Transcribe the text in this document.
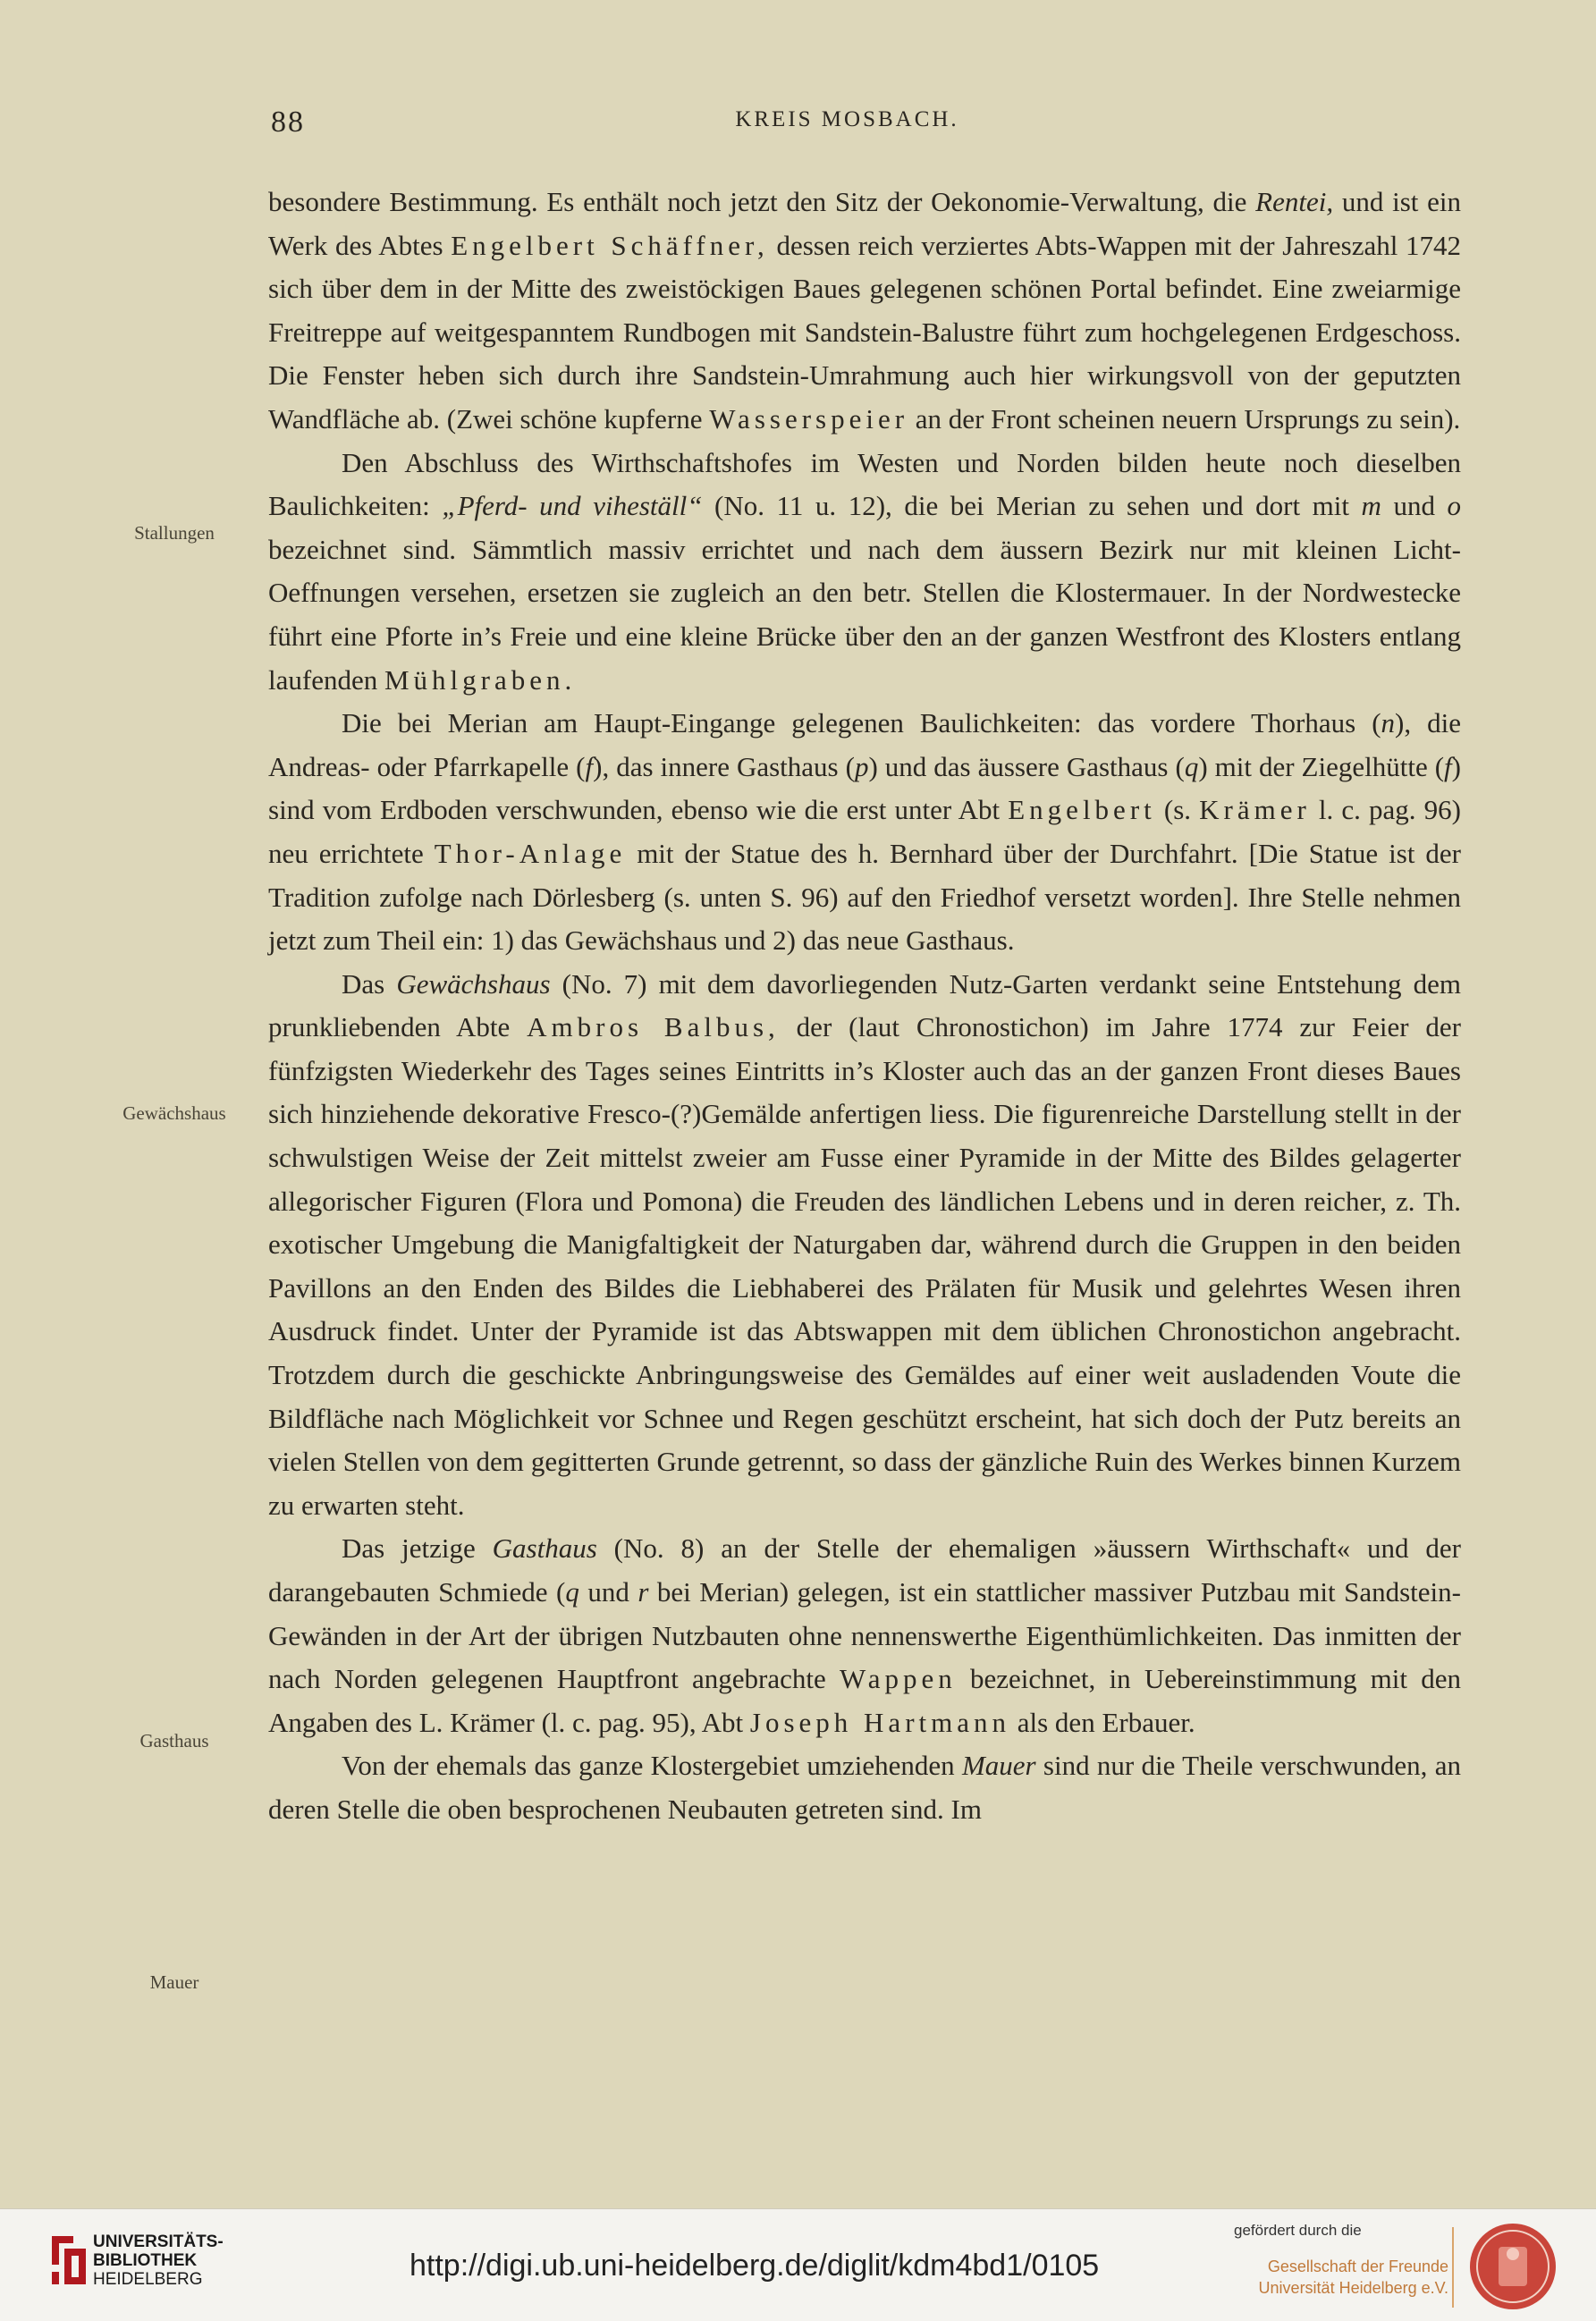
88	KREIS MOSBACH.
Stallungen
Gewächshaus
Gasthaus
Mauer

besondere Bestimmung. Es enthält noch jetzt den Sitz der Oekonomie-Verwaltung, die Rentei, und ist ein Werk des Abtes Engelbert Schäffner, dessen reich verziertes Abts-Wappen mit der Jahreszahl 1742 sich über dem in der Mitte des zweistöckigen Baues gelegenen schönen Portal befindet. Eine zweiarmige Freitreppe auf weitgespanntem Rundbogen mit Sandstein-Balustre führt zum hochgelegenen Erdgeschoss. Die Fenster heben sich durch ihre Sandstein-Umrahmung auch hier wirkungsvoll von der geputzten Wandfläche ab. (Zwei schöne kupferne Wasserspeier an der Front scheinen neuern Ursprungs zu sein).

Den Abschluss des Wirthschaftshofes im Westen und Norden bilden heute noch dieselben Baulichkeiten: „Pferd- und viheställ“ (No. 11 u. 12), die bei Merian zu sehen und dort mit m und o bezeichnet sind. Sämmtlich massiv errichtet und nach dem äussern Bezirk nur mit kleinen Licht-Oeffnungen versehen, ersetzen sie zugleich an den betr. Stellen die Klostermauer. In der Nordwestecke führt eine Pforte in’s Freie und eine kleine Brücke über den an der ganzen Westfront des Klosters entlang laufenden Mühlgraben.

Die bei Merian am Haupt-Eingange gelegenen Baulichkeiten: das vordere Thorhaus (n), die Andreas- oder Pfarrkapelle (f), das innere Gasthaus (p) und das äussere Gasthaus (q) mit der Ziegelhütte (f) sind vom Erdboden verschwunden, ebenso wie die erst unter Abt Engelbert (s. Krämer l. c. pag. 96) neu errichtete Thor-Anlage mit der Statue des h. Bernhard über der Durchfahrt. [Die Statue ist der Tradition zufolge nach Dörlesberg (s. unten S. 96) auf den Friedhof versetzt worden]. Ihre Stelle nehmen jetzt zum Theil ein: 1) das Gewächshaus und 2) das neue Gasthaus.

Das Gewächshaus (No. 7) mit dem davorliegenden Nutz-Garten verdankt seine Entstehung dem prunkliebenden Abte Ambros Balbus, der (laut Chronostichon) im Jahre 1774 zur Feier der fünfzigsten Wiederkehr des Tages seines Eintritts in’s Kloster auch das an der ganzen Front dieses Baues sich hinziehende dekorative Fresco-(?)Gemälde anfertigen liess. Die figurenreiche Darstellung stellt in der schwulstigen Weise der Zeit mittelst zweier am Fusse einer Pyramide in der Mitte des Bildes gelagerter allegorischer Figuren (Flora und Pomona) die Freuden des ländlichen Lebens und in deren reicher, z. Th. exotischer Umgebung die Manigfaltigkeit der Naturgaben dar, während durch die Gruppen in den beiden Pavillons an den Enden des Bildes die Liebhaberei des Prälaten für Musik und gelehrtes Wesen ihren Ausdruck findet. Unter der Pyramide ist das Abtswappen mit dem üblichen Chronostichon angebracht. Trotzdem durch die geschickte Anbringungsweise des Gemäldes auf einer weit ausladenden Voute die Bildfläche nach Möglichkeit vor Schnee und Regen geschützt erscheint, hat sich doch der Putz bereits an vielen Stellen von dem gegitterten Grunde getrennt, so dass der gänzliche Ruin des Werkes binnen Kurzem zu erwarten steht.

Das jetzige Gasthaus (No. 8) an der Stelle der ehemaligen »äussern Wirthschaft« und der darangebauten Schmiede (q und r bei Merian) gelegen, ist ein stattlicher massiver Putzbau mit Sandstein-Gewänden in der Art der übrigen Nutzbauten ohne nennenswerthe Eigenthümlichkeiten. Das inmitten der nach Norden gelegenen Hauptfront angebrachte Wappen bezeichnet, in Uebereinstimmung mit den Angaben des L. Krämer (l. c. pag. 95), Abt Joseph Hartmann als den Erbauer.

Von der ehemals das ganze Klostergebiet umziehenden Mauer sind nur die Theile verschwunden, an deren Stelle die oben besprochenen Neubauten getreten sind. Im

UNIVERSITÄTS-
BIBLIOTHEK
HEIDELBERG	http://digi.ub.uni-heidelberg.de/diglit/kdm4bd1/0105
gefördert durch die
Gesellschaft der Freunde
Universität Heidelberg e.V.
